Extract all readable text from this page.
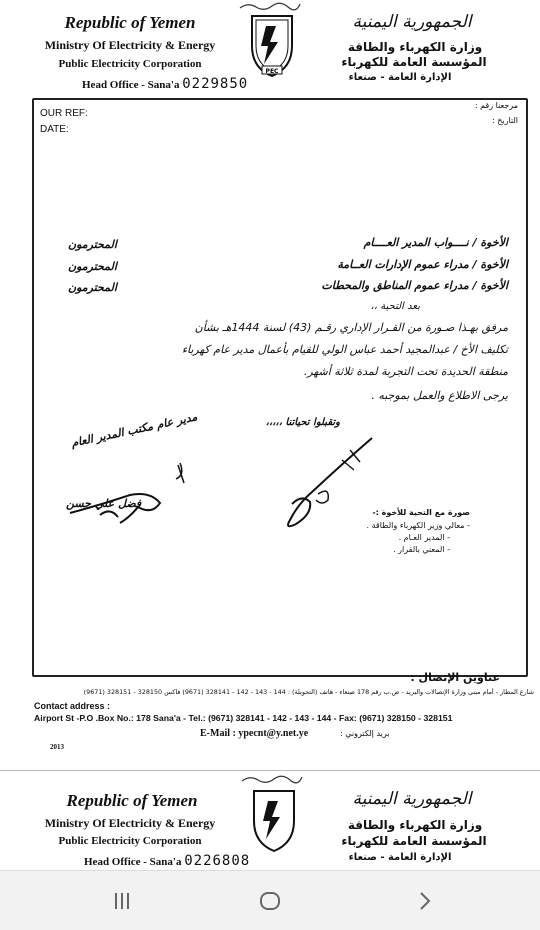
Republic of Yemen
Ministry Of Electricity & Energy
Public Electricity Corporation
Head Office - Sana'a 0229850
PEC
الجمهورية اليمنية
وزارة الكهرباء والطاقة
المؤسسة العامة للكهرباء
الإدارة العامة - صنعاء
OUR REF:
DATE:
مرجعنا رقم :
التاريخ :
الأخوة / نــــواب المدير العــــام
المحترمون
الأخوة / مدراء عموم الإدارات العــامة
المحترمون
الأخوة / مدراء عموم المناطق والمحطات
المحترمون
بعد التحية ،،
مرفق بهـذا صـورة من القـرار الإداري رقـم (43) لسنة 1444هـ بشأن
تكليف الأخ / عبدالمجيد أحمد عباس الولي للقيام بأعمال مدير عام كهرباء
منطقة الحديدة تحت التجربة لمدة ثلاثة أشهر.
يرجى الاطلاع والعمل بموجبه .
وتقبلوا تحياتنا ،،،،،
مدير عام مكتب المدير العام
فضل علي حسن
صورة مع التحية للأخوة :-
- معالي وزير الكهرباء والطاقة .
- المدير العـام .
- المعني بالقرار .
عناوين الإتصال :
شارع المطار - أمام مبنى وزارة الإتصالات والبريد - ص.ب رقم 178 صنعاء - هاتف (التحويلة) : 144 - 143 - 142 - 328141 (9671) فاكس 328150 - 328151 (9671)
Contact address :
Airport St -P.O .Box No.: 178 Sana'a - Tel.: (9671) 328141 - 142 - 143 - 144 - Fax: (9671) 328150 - 328151
E-Mail : ypecnt@y.net.ye	بريد إلكتروني :
2013
Republic of Yemen
Ministry Of Electricity & Energy
Public Electricity Corporation
Head Office - Sana'a 0226808
الجمهورية اليمنية
وزارة الكهرباء والطاقة
المؤسسة العامة للكهرباء
الإدارة العامة - صنعاء
